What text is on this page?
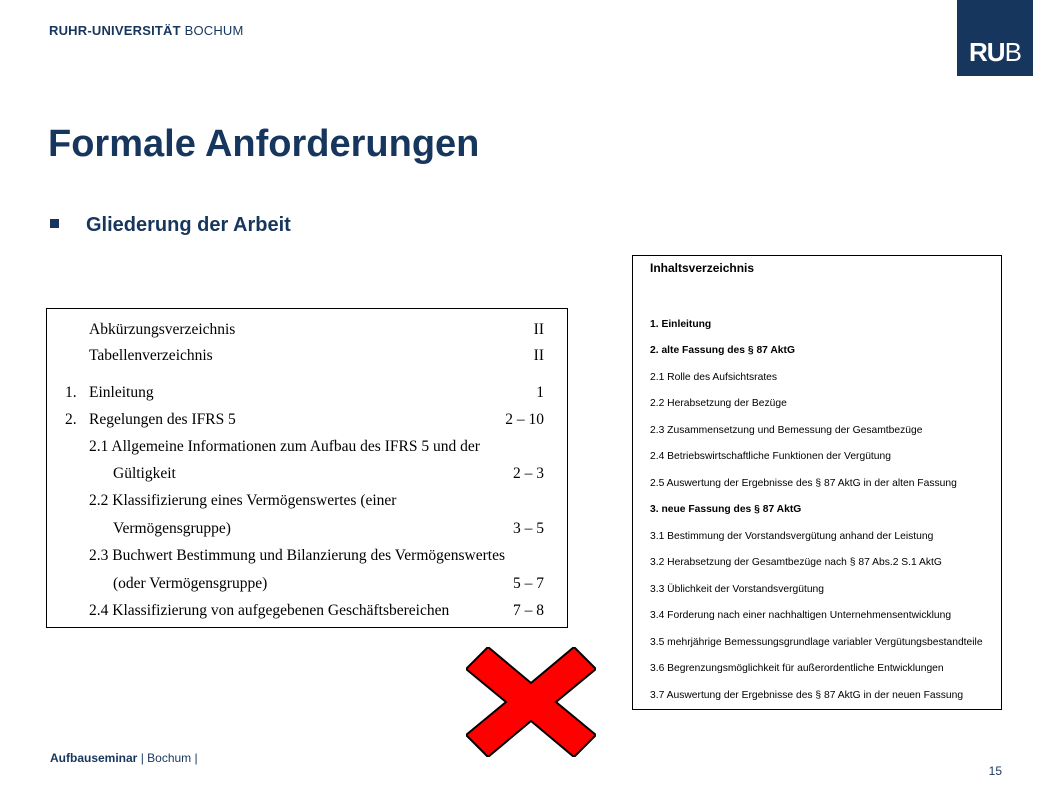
RUHR-UNIVERSITÄT BOCHUM
RUB
Formale Anforderungen
Gliederung der Arbeit
Abkürzungsverzeichnis	II
Tabellenverzeichnis	II
1. Einleitung	1
2. Regelungen des IFRS 5	2 – 10
2.1 Allgemeine Informationen zum Aufbau des IFRS 5 und der
Gültigkeit	2 – 3
2.2 Klassifizierung eines Vermögenswertes (einer
Vermögensgruppe)	3 – 5
2.3 Buchwert Bestimmung und Bilanzierung des Vermögenswertes
(oder Vermögensgruppe)	5 – 7
2.4 Klassifizierung von aufgegebenen Geschäftsbereichen	7 – 8
Inhaltsverzeichnis
1. Einleitung
2. alte Fassung des § 87 AktG
2.1 Rolle des Aufsichtsrates
2.2 Herabsetzung der Bezüge
2.3 Zusammensetzung und Bemessung der Gesamtbezüge
2.4 Betriebswirtschaftliche Funktionen der Vergütung
2.5 Auswertung der Ergebnisse des § 87 AktG in der alten Fassung
3. neue Fassung des § 87 AktG
3.1 Bestimmung der Vorstandsvergütung anhand der Leistung
3.2 Herabsetzung der Gesamtbezüge nach § 87 Abs.2 S.1 AktG
3.3 Üblichkeit der Vorstandsvergütung
3.4 Forderung nach einer nachhaltigen Unternehmensentwicklung
3.5 mehrjährige Bemessungsgrundlage variabler Vergütungsbestandteile
3.6 Begrenzungsmöglichkeit für außerordentliche Entwicklungen
3.7 Auswertung der Ergebnisse des § 87 AktG in der neuen Fassung
Aufbauseminar | Bochum |
15
